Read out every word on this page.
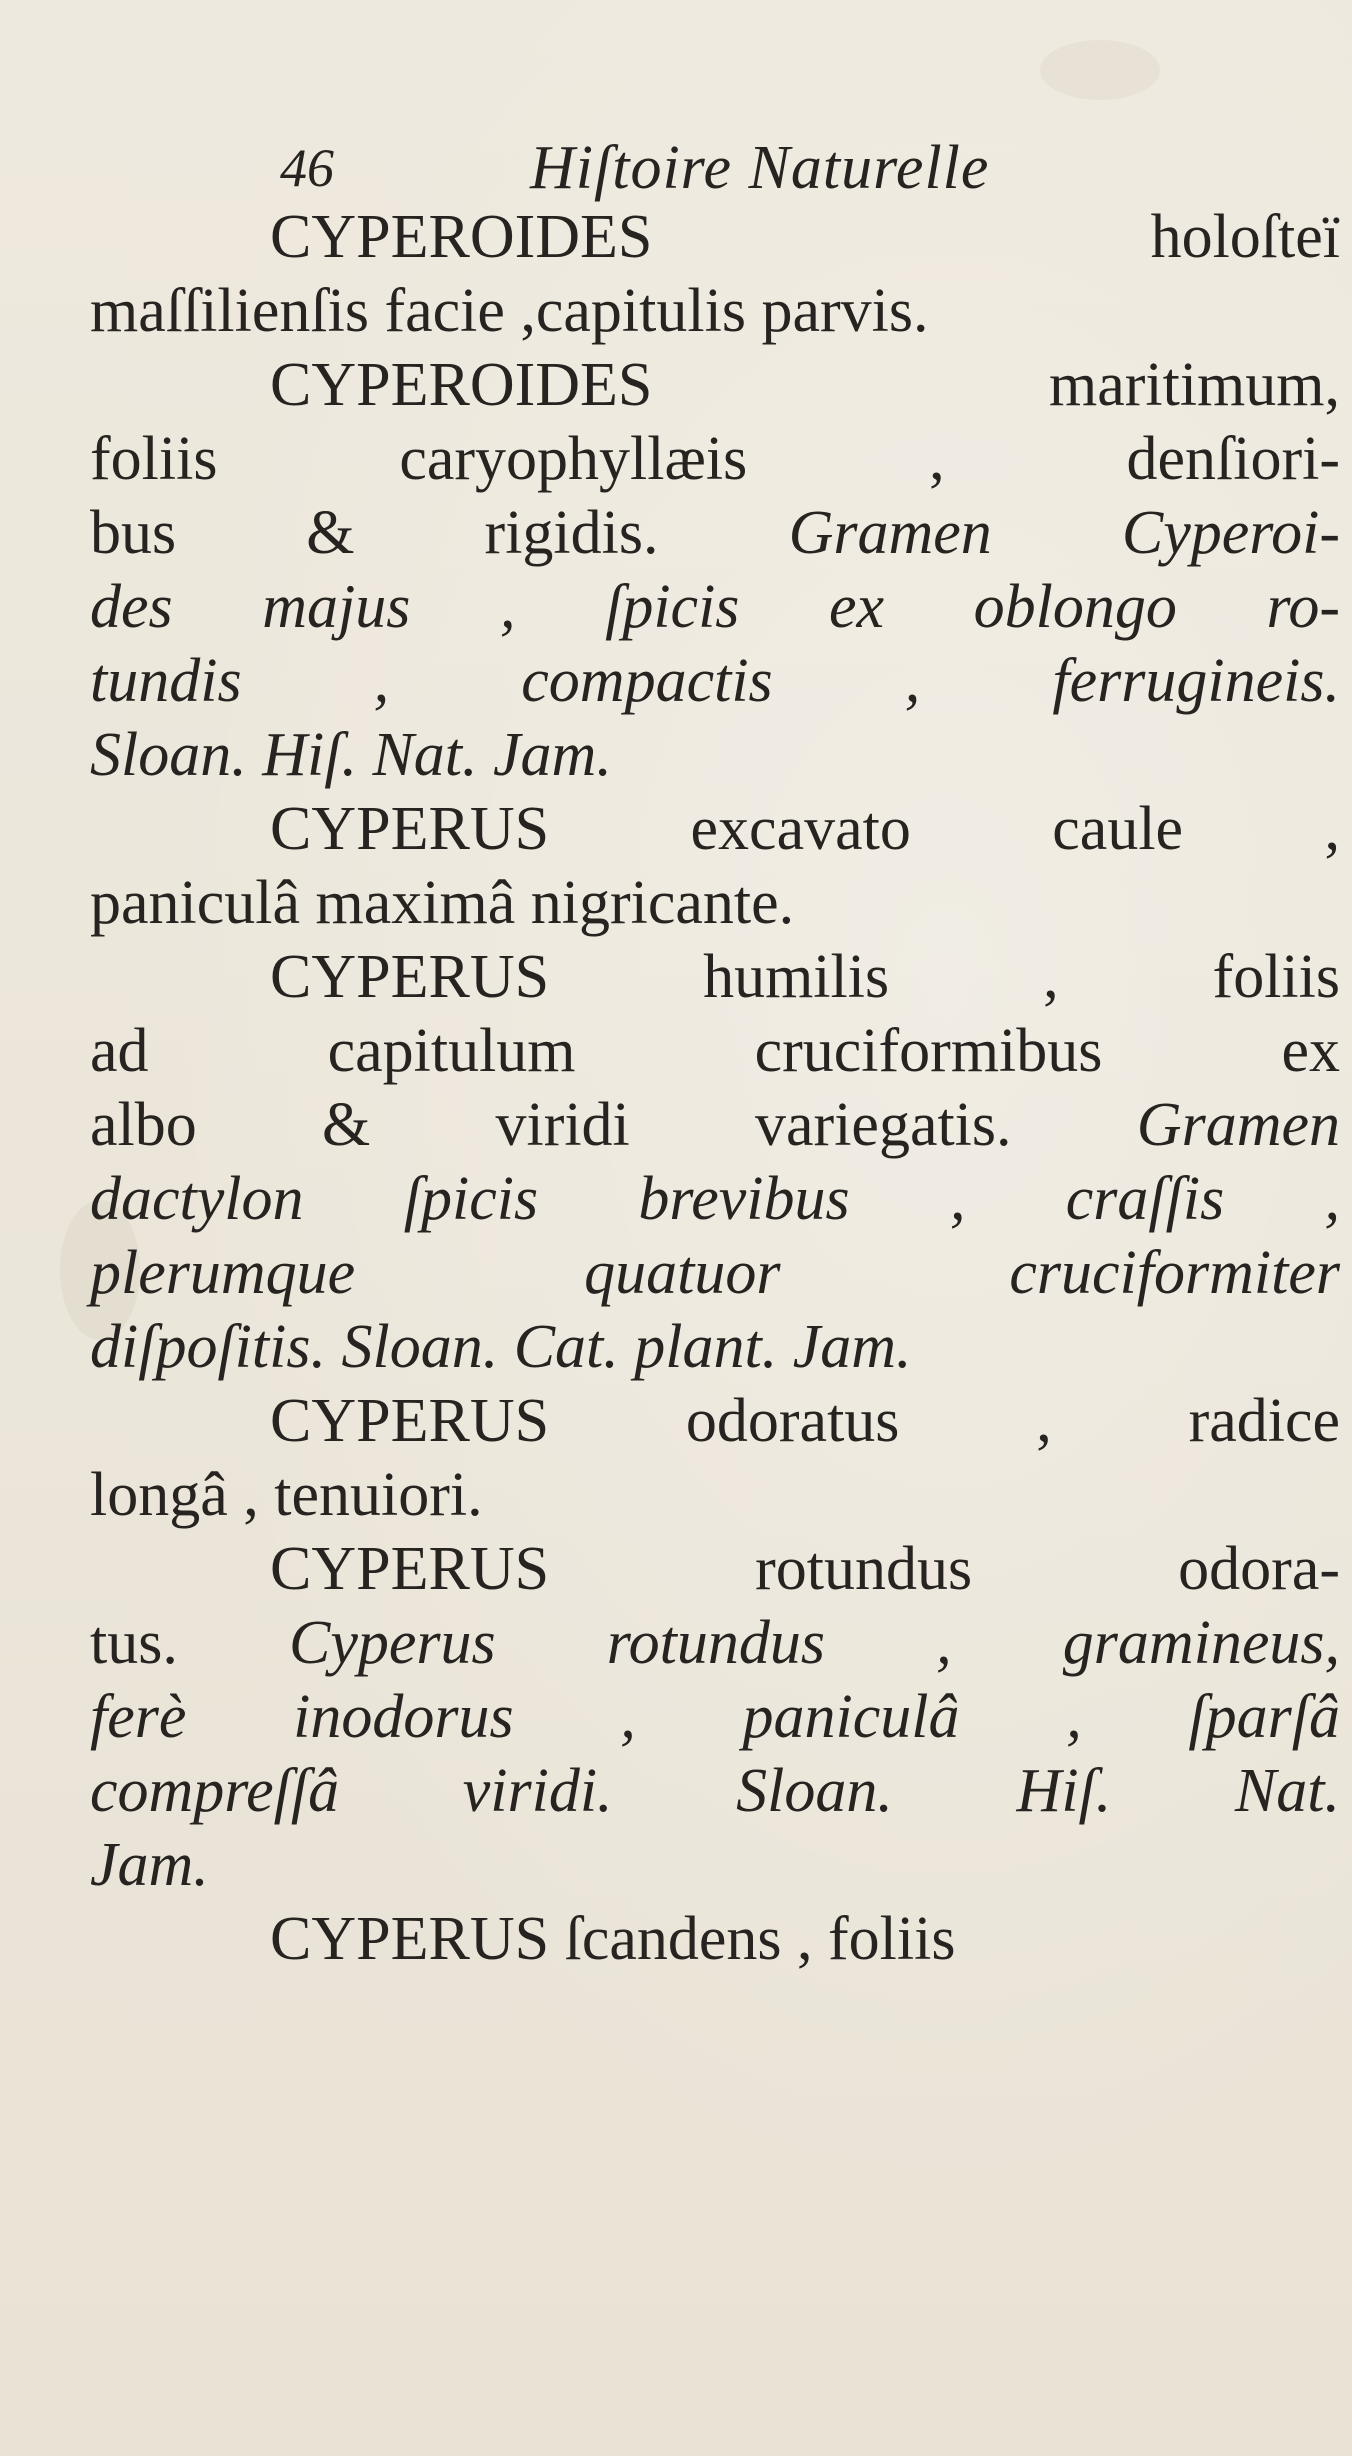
46	Hiſtoire Naturelle
CYPEROIDES holoſteï
maſſilienſis facie ,capitulis parvis.
CYPEROIDES maritimum,
foliis caryophyllæis , denſiori-
bus & rigidis. Gramen Cyperoi-
des majus , ſpicis ex oblongo ro-
tundis , compactis , ferrugineis.
Sloan. Hiſ. Nat. Jam.
CYPERUS excavato caule ,
paniculâ maximâ nigricante.
CYPERUS humilis , foliis
ad capitulum cruciformibus ex
albo & viridi variegatis. Gramen
dactylon ſpicis brevibus , craſſis ,
plerumque quatuor cruciformiter
diſpoſitis. Sloan. Cat. plant. Jam.
CYPERUS odoratus , radice
longâ , tenuiori.
CYPERUS rotundus odora-
tus. Cyperus rotundus , gramineus,
ferè inodorus , paniculâ , ſparſâ
compreſſâ viridi. Sloan. Hiſ. Nat.
Jam.
CYPERUS ſcandens , foliis
